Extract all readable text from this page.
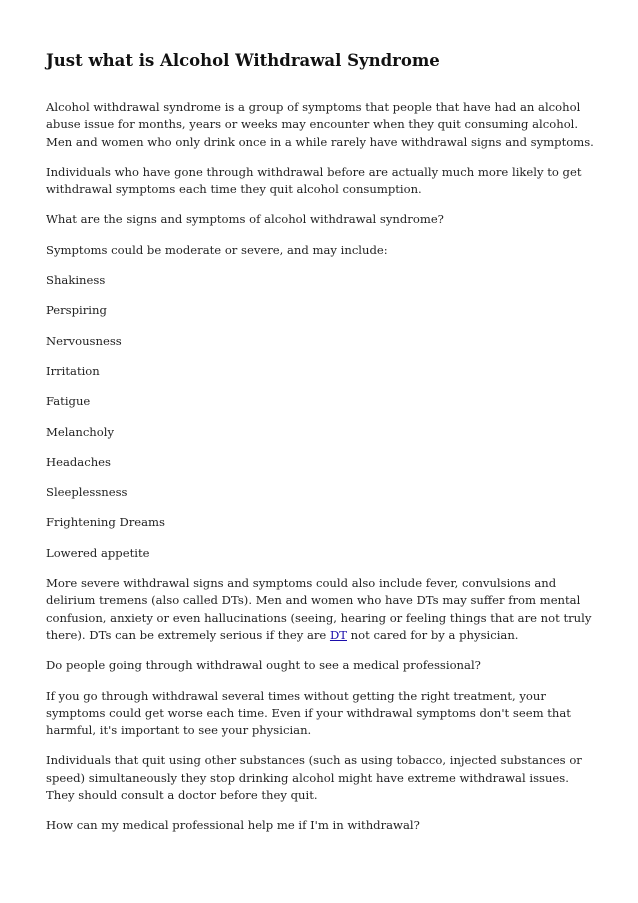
Just what is Alcohol Withdrawal Syndrome

Alcohol withdrawal syndrome is a group of symptoms that people that have had an alcohol abuse issue for months, years or weeks may encounter when they quit consuming alcohol. Men and women who only drink once in a while rarely have withdrawal signs and symptoms.

Individuals who have gone through withdrawal before are actually much more likely to get withdrawal symptoms each time they quit alcohol consumption.

What are the signs and symptoms of alcohol withdrawal syndrome?

Symptoms could be moderate or severe, and may include:

Shakiness

Perspiring

Nervousness

Irritation

Fatigue

Melancholy

Headaches

Sleeplessness

Frightening Dreams

Lowered appetite

More severe withdrawal signs and symptoms could also include fever, convulsions and delirium tremens (also called DTs). Men and women who have DTs may suffer from mental confusion, anxiety or even hallucinations (seeing, hearing or feeling things that are not truly there). DTs can be extremely serious if they are DT not cared for by a physician.

Do people going through withdrawal ought to see a medical professional?

If you go through withdrawal several times without getting the right treatment, your symptoms could get worse each time. Even if your withdrawal symptoms don't seem that harmful, it's important to see your physician.

Individuals that quit using other substances (such as using tobacco, injected substances or speed) simultaneously they stop drinking alcohol might have extreme withdrawal issues. They should consult a doctor before they quit.

How can my medical professional help me if I'm in withdrawal?
